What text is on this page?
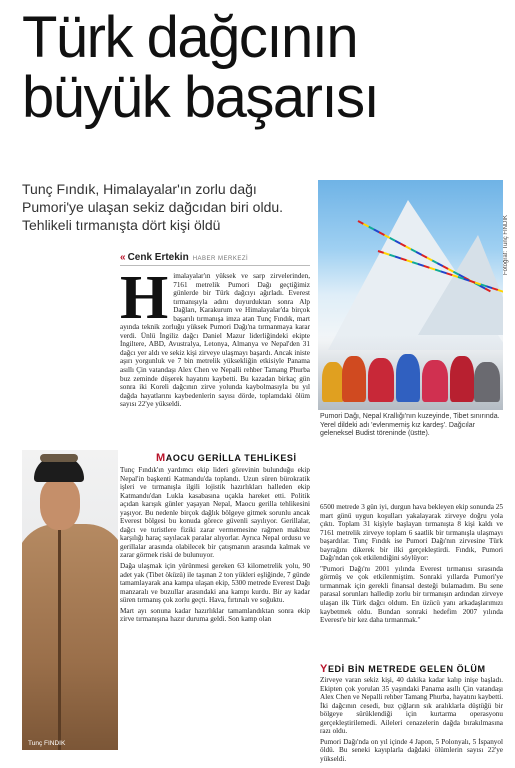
Türk dağcının
büyük başarısı
Tunç Fındık, Himalayalar'ın zorlu dağı Pumori'ye ulaşan sekiz dağcıdan biri oldu. Tehlikeli tırmanışta dört kişi öldü
« Cenk Ertekin HABER MERKEZİ
H imalayalar'ın yüksek ve sarp zirvelerinden, 7161 metrelik Pumori Dağı geçtiğimiz günlerde bir Türk dağcıyı ağırladı. Everest tırmanışıyla adını duyurduktan sonra Alp Dağları, Karakurum ve Himalayalar'da birçok başarılı tırmanışa imza atan Tunç Fındık, mart ayında teknik zorluğu yüksek Pumori Dağı'na tırmanmaya karar verdi. Ünlü İngiliz dağcı Daniel Mazur liderliğindeki ekipte İngiltere, ABD, Avustralya, Letonya, Almanya ve Nepal'den 31 dağcı yer aldı ve sekiz kişi zirveye ulaşmayı başardı. Ancak iniste aşırı yorgunluk ve 7 bin metrelik yüksekliğin etkisiyle Panama asıllı Çin vatandaşı Alex Chen ve Nepalli rehber Tamang Phurba buz zeminde düşerek hayatını kaybetti. Bu kazadan birkaç gün sonra iki Koreli dağcının zirve yolunda kaybolmasıyla bu yıl dağda hayatlarını kaybedenlerin sayısı dörde, toplamdaki ölüm sayısı 22'ye yükseldi.

MAOCU GERİLLA TEHLİKESİ

Tunç Fındık'ın yardımcı ekip lideri görevinin bulunduğu ekip Nepal'in başkenti Katmandu'da toplandı. Uzun süren bürokratik işleri ve tırmanışla ilgili lojistik hazırlıkları halleden ekip Katmandu'dan Lukla kasabasına uçakla hareket etti. Politik açıdan karışık günler yaşayan Nepal, Maocu gerilla tehlikesini yaşıyor. Bu nedenle birçok dağlık bölgeye gitmek sorunlu ancak Everest bölgesi bu konuda görece güvenli sayılıyor. Gerillalar, dağcı ve turistlere fiziki zarar vermemesine rağmen makbuz karşılığı haraç sayılacak paralar alıyorlar. Ayrıca Nepal ordusu ve gerillalar arasında olabilecek bir çatışmanın arasında kalmak ve zarar görmek riski de bulunuyor.

Dağa ulaşmak için yürünmesi gereken 63 kilometrelik yolu, 90 adet yak (Tibet öküzü) ile taşınan 2 ton yükleri eşliğinde, 7 günde tamamlayarak ana kampa ulaşan ekip, 5300 metrede Everest Dağı manzaralı ve buzullar arasındaki ana kampı kurdu. Bir ay kadar süren tırmanış çok zorlu geçti. Hava, fırtınalı ve soğuktu.

Mart ayı sonuna kadar hazırlıklar tamamlandıktan sonra ekip zirve tırmanışına hazır duruma geldi. Son kamp olan

Fotoğraf: Tunç FINDIK
Pumori Dağı, Nepal Krallığı'nın kuzeyinde, Tibet sınırında. Yerel dildeki adı 'evlenmemiş kız kardeş'. Dağcılar geleneksel Budist töreninde (üstte).
Tunç FINDIK

6500 metrede 3 gün iyi, durgun hava bekleyen ekip sonunda 25 mart günü uygun koşulları yakalayarak zirveye doğru yola çıktı. Toplam 31 kişiyle başlayan tırmanışta 8 kişi kaldı ve 7161 metrelik zirveye toplam 6 saatlik bir tırmanışla ulaşmayı başardılar. Tunç Fındık ise Pumori Dağı'nın zirvesine Türk bayrağını dikerek bir ilki gerçekleştirdi. Fındık, Pumori Dağı'ndan çok etkilendiğini söylüyor:

"Pumori Dağı'nı 2001 yılında Everest tırmanısı sırasında görmüş ve çok etkilenmiştim. Sonraki yıllarda Pumori'ye tırmanmak için gerekli finansal desteği bulamadım. Bu sene parasal sorunları halledip zorlu bir tırmanışın ardından zirveye ulaşan ilk Türk dağcı oldum. En üzücü yanı arkadaşlarımızı kaybetmek oldu. Bundan sonraki hedefim 2007 yılında Everest'e bir kez daha tırmanmak."

YEDİ BİN METREDE GELEN ÖLÜM

Zirveye varan sekiz kişi, 40 dakika kadar kalıp inişe başladı. Ekipten çok yorulan 35 yaşındaki Panama asıllı Çin vatandaşı Alex Chen ve Nepalli rehber Tamang Phurba, hayatını kaybetti. İki dağcının cesedi, buz çığların sık aralıklarla düştüğü bir bölgeye sürüklendiği için kurtarma operasyonu gerçekleştirilemedi. Aileleri cenazelerin dağda bırakılmasına razı oldu.

Pumori Dağı'nda on yıl içinde 4 Japon, 5 Polonyalı, 5 İspanyol öldü. Bu seneki kayıplarla dağdaki ölümlerin sayısı 22'ye yükseldi.
